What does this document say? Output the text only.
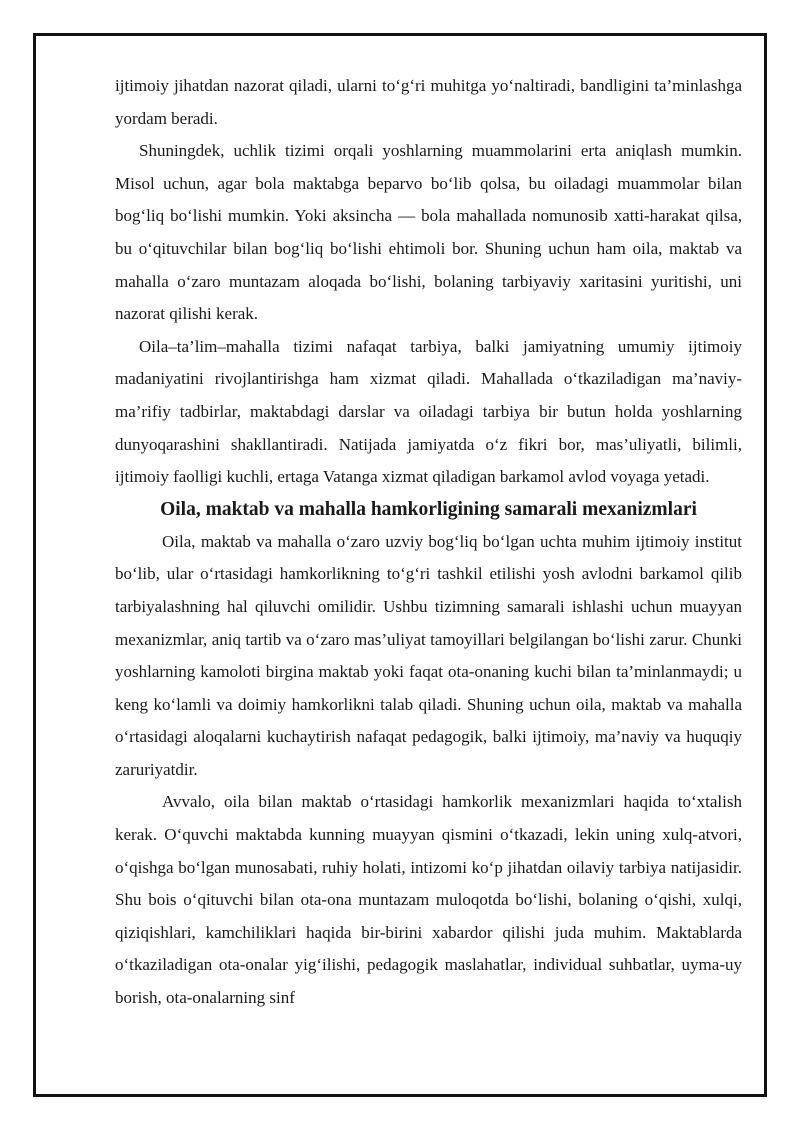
ijtimoiy jihatdan nazorat qiladi, ularni to‘g‘ri muhitga yo‘naltiradi, bandligini ta’minlashga yordam beradi.

Shuningdek, uchlik tizimi orqali yoshlarning muammolarini erta aniqlash mumkin. Misol uchun, agar bola maktabga beparvo bo‘lib qolsa, bu oiladagi muammolar bilan bog‘liq bo‘lishi mumkin. Yoki aksincha — bola mahallada nomunosib xatti-harakat qilsa, bu o‘qituvchilar bilan bog‘liq bo‘lishi ehtimoli bor. Shuning uchun ham oila, maktab va mahalla o‘zaro muntazam aloqada bo‘lishi, bolaning tarbiyaviy xaritasini yuritishi, uni nazorat qilishi kerak.

Oila–ta’lim–mahalla tizimi nafaqat tarbiya, balki jamiyatning umumiy ijtimoiy madaniyatini rivojlantirishga ham xizmat qiladi. Mahallada o‘tkaziladigan ma’naviy-ma’rifiy tadbirlar, maktabdagi darslar va oiladagi tarbiya bir butun holda yoshlarning dunyoqarashini shakllantiradi. Natijada jamiyatda o‘z fikri bor, mas’uliyatli, bilimli, ijtimoiy faolligi kuchli, ertaga Vatanga xizmat qiladigan barkamol avlod voyaga yetadi.

Oila, maktab va mahalla hamkorligining samarali mexanizmlari

Oila, maktab va mahalla o‘zaro uzviy bog‘liq bo‘lgan uchta muhim ijtimoiy institut bo‘lib, ular o‘rtasidagi hamkorlikning to‘g‘ri tashkil etilishi yosh avlodni barkamol qilib tarbiyalashning hal qiluvchi omilidir. Ushbu tizimning samarali ishlashi uchun muayyan mexanizmlar, aniq tartib va o‘zaro mas’uliyat tamoyillari belgilangan bo‘lishi zarur. Chunki yoshlarning kamoloti birgina maktab yoki faqat ota-onaning kuchi bilan ta’minlanmaydi; u keng ko‘lamli va doimiy hamkorlikni talab qiladi. Shuning uchun oila, maktab va mahalla o‘rtasidagi aloqalarni kuchaytirish nafaqat pedagogik, balki ijtimoiy, ma’naviy va huquqiy zaruriyatdir.

Avvalo, oila bilan maktab o‘rtasidagi hamkorlik mexanizmlari haqida to‘xtalish kerak. O‘quvchi maktabda kunning muayyan qismini o‘tkazadi, lekin uning xulq-atvori, o‘qishga bo‘lgan munosabati, ruhiy holati, intizomi ko‘p jihatdan oilaviy tarbiya natijasidir. Shu bois o‘qituvchi bilan ota-ona muntazam muloqotda bo‘lishi, bolaning o‘qishi, xulqi, qiziqishlari, kamchiliklari haqida bir-birini xabardor qilishi juda muhim. Maktablarda o‘tkaziladigan ota-onalar yig‘ilishi, pedagogik maslahatlar, individual suhbatlar, uyma-uy borish, ota-onalarning sinf
